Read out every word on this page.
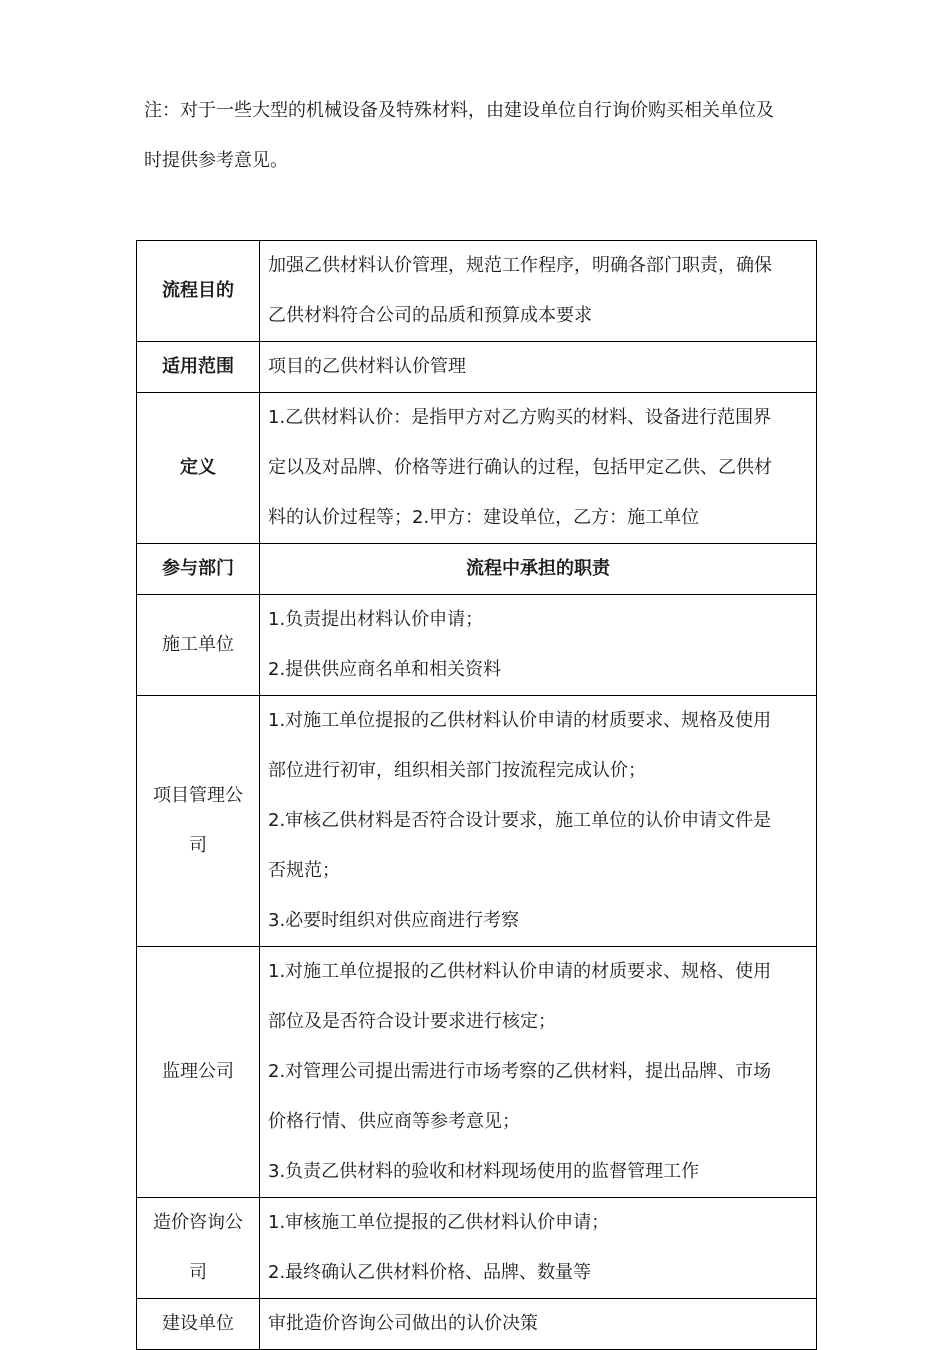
注：对于一些大型的机械设备及特殊材料，由建设单位自行询价购买相关单位及
时提供参考意见。
流程目的	加强乙供材料认价管理，规范工作程序，明确各部门职责，确保
乙供材料符合公司的品质和预算成本要求

适用范围	项目的乙供材料认价管理

定义	1.乙供材料认价：是指甲方对乙方购买的材料、设备进行范围界
定以及对品牌、价格等进行确认的过程，包括甲定乙供、乙供材
料的认价过程等；2.甲方：建设单位，乙方：施工单位

参与部门	流程中承担的职责
施工单位	1.负责提出材料认价申请；
2.提供供应商名单和相关资料

项目管理公
司	1.对施工单位提报的乙供材料认价申请的材质要求、规格及使用
部位进行初审，组织相关部门按流程完成认价；
2.审核乙供材料是否符合设计要求，施工单位的认价申请文件是
否规范；
3.必要时组织对供应商进行考察

监理公司	1.对施工单位提报的乙供材料认价申请的材质要求、规格、使用
部位及是否符合设计要求进行核定；
2.对管理公司提出需进行市场考察的乙供材料，提出品牌、市场
价格行情、供应商等参考意见；
3.负责乙供材料的验收和材料现场使用的监督管理工作

造价咨询公
司	1.审核施工单位提报的乙供材料认价申请；
2.最终确认乙供材料价格、品牌、数量等

建设单位	审批造价咨询公司做出的认价决策
